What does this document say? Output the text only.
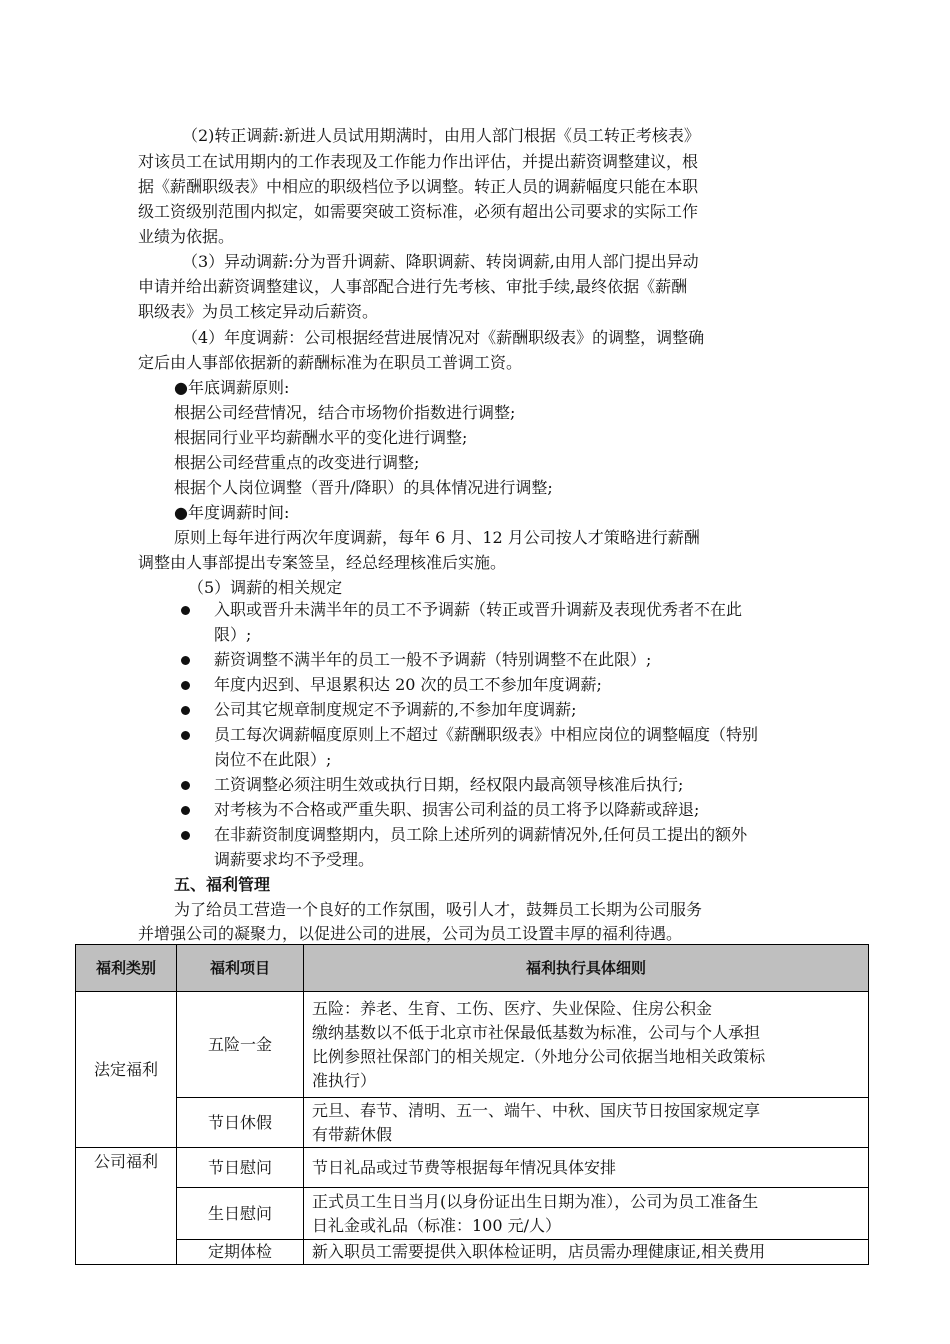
（2)转正调薪:新进人员试用期满时，由用人部门根据《员工转正考核表》
对该员工在试用期内的工作表现及工作能力作出评估，并提出薪资调整建议，根
据《薪酬职级表》中相应的职级档位予以调整。转正人员的调薪幅度只能在本职
级工资级别范围内拟定，如需要突破工资标准，必须有超出公司要求的实际工作
业绩为依据。
（3）异动调薪:分为晋升调薪、降职调薪、转岗调薪,由用人部门提出异动
申请并给出薪资调整建议，人事部配合进行先考核、审批手续,最终依据《薪酬
职级表》为员工核定异动后薪资。
（4）年度调薪：公司根据经营进展情况对《薪酬职级表》的调整，调整确
定后由人事部依据新的薪酬标准为在职员工普调工资。
●年底调薪原则:
根据公司经营情况，结合市场物价指数进行调整;
根据同行业平均薪酬水平的变化进行调整;
根据公司经营重点的改变进行调整;
根据个人岗位调整（晋升/降职）的具体情况进行调整;
●年度调薪时间:
原则上每年进行两次年度调薪，每年 6 月、12 月公司按人才策略进行薪酬
调整由人事部提出专案签呈，经总经理核准后实施。
（5）调薪的相关规定
入职或晋升未满半年的员工不予调薪（转正或晋升调薪及表现优秀者不在此
限）;
薪资调整不满半年的员工一般不予调薪（特别调整不在此限）;
年度内迟到、早退累积达 20 次的员工不参加年度调薪;
公司其它规章制度规定不予调薪的,不参加年度调薪;
员工每次调薪幅度原则上不超过《薪酬职级表》中相应岗位的调整幅度（特别
岗位不在此限）;
工资调整必须注明生效或执行日期，经权限内最高领导核准后执行;
对考核为不合格或严重失职、损害公司利益的员工将予以降薪或辞退;
在非薪资制度调整期内，员工除上述所列的调薪情况外,任何员工提出的额外
调薪要求均不予受理。
五、福利管理
为了给员工营造一个良好的工作氛围，吸引人才，鼓舞员工长期为公司服务
并增强公司的凝聚力，以促进公司的进展，公司为员工设置丰厚的福利待遇。
福利类别	福利项目	福利执行具体细则
法定福利	五险一金	五险：养老、生育、工伤、医疗、失业保险、住房公积金
缴纳基数以不低于北京市社保最低基数为标准，公司与个人承担
比例参照社保部门的相关规定.（外地分公司依据当地相关政策标
准执行）

	节日休假	元旦、春节、清明、五一、端午、中秋、国庆节日按国家规定享
有带薪休假

公司福利	节日慰问	节日礼品或过节费等根据每年情况具体安排

	生日慰问	正式员工生日当月(以身份证出生日期为准），公司为员工准备生
日礼金或礼品（标准：100 元/人）

	定期体检	新入职员工需要提供入职体检证明，店员需办理健康证,相关费用
